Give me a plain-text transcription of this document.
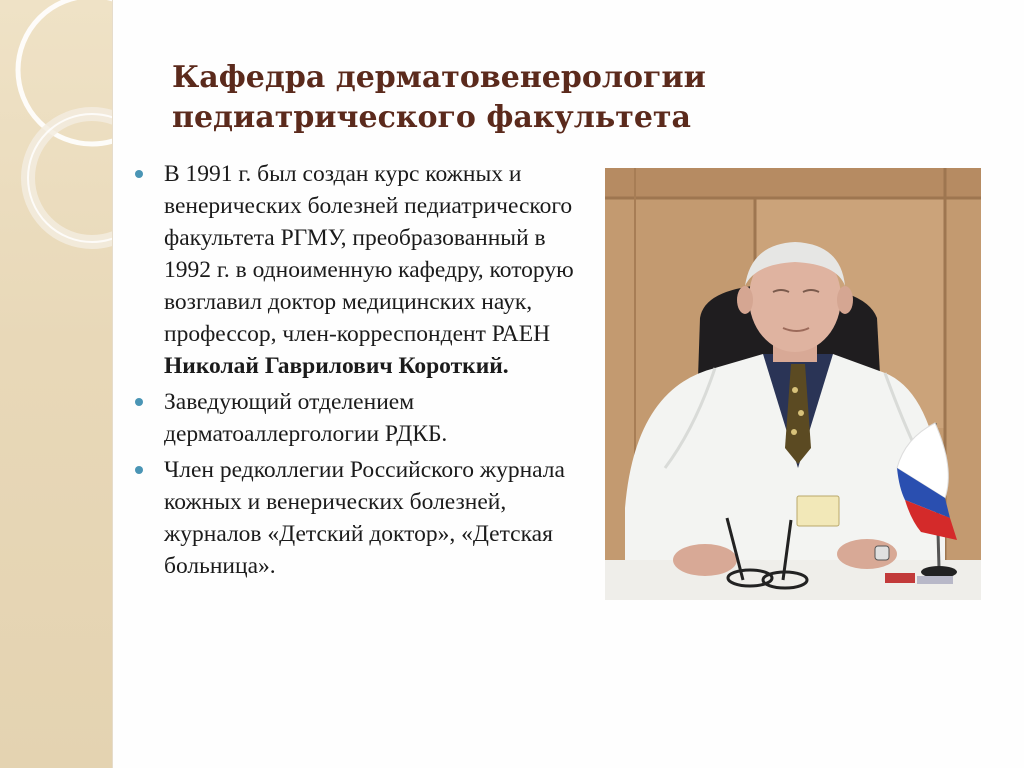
Кафедра дерматовенерологии
педиатрического факультета
В 1991 г. был создан курс кожных и венерических болезней педиатрического факультета РГМУ, преобразованный в 1992 г. в одноименную кафедру, которую возглавил доктор медицинских наук, профессор, член-корреспондент РАЕН Николай Гаврилович Короткий.
Заведующий отделением дерматоаллергологии РДКБ.
Член редколлегии Российского журнала кожных и венерических болезней, журналов «Детский доктор», «Детская больница».
